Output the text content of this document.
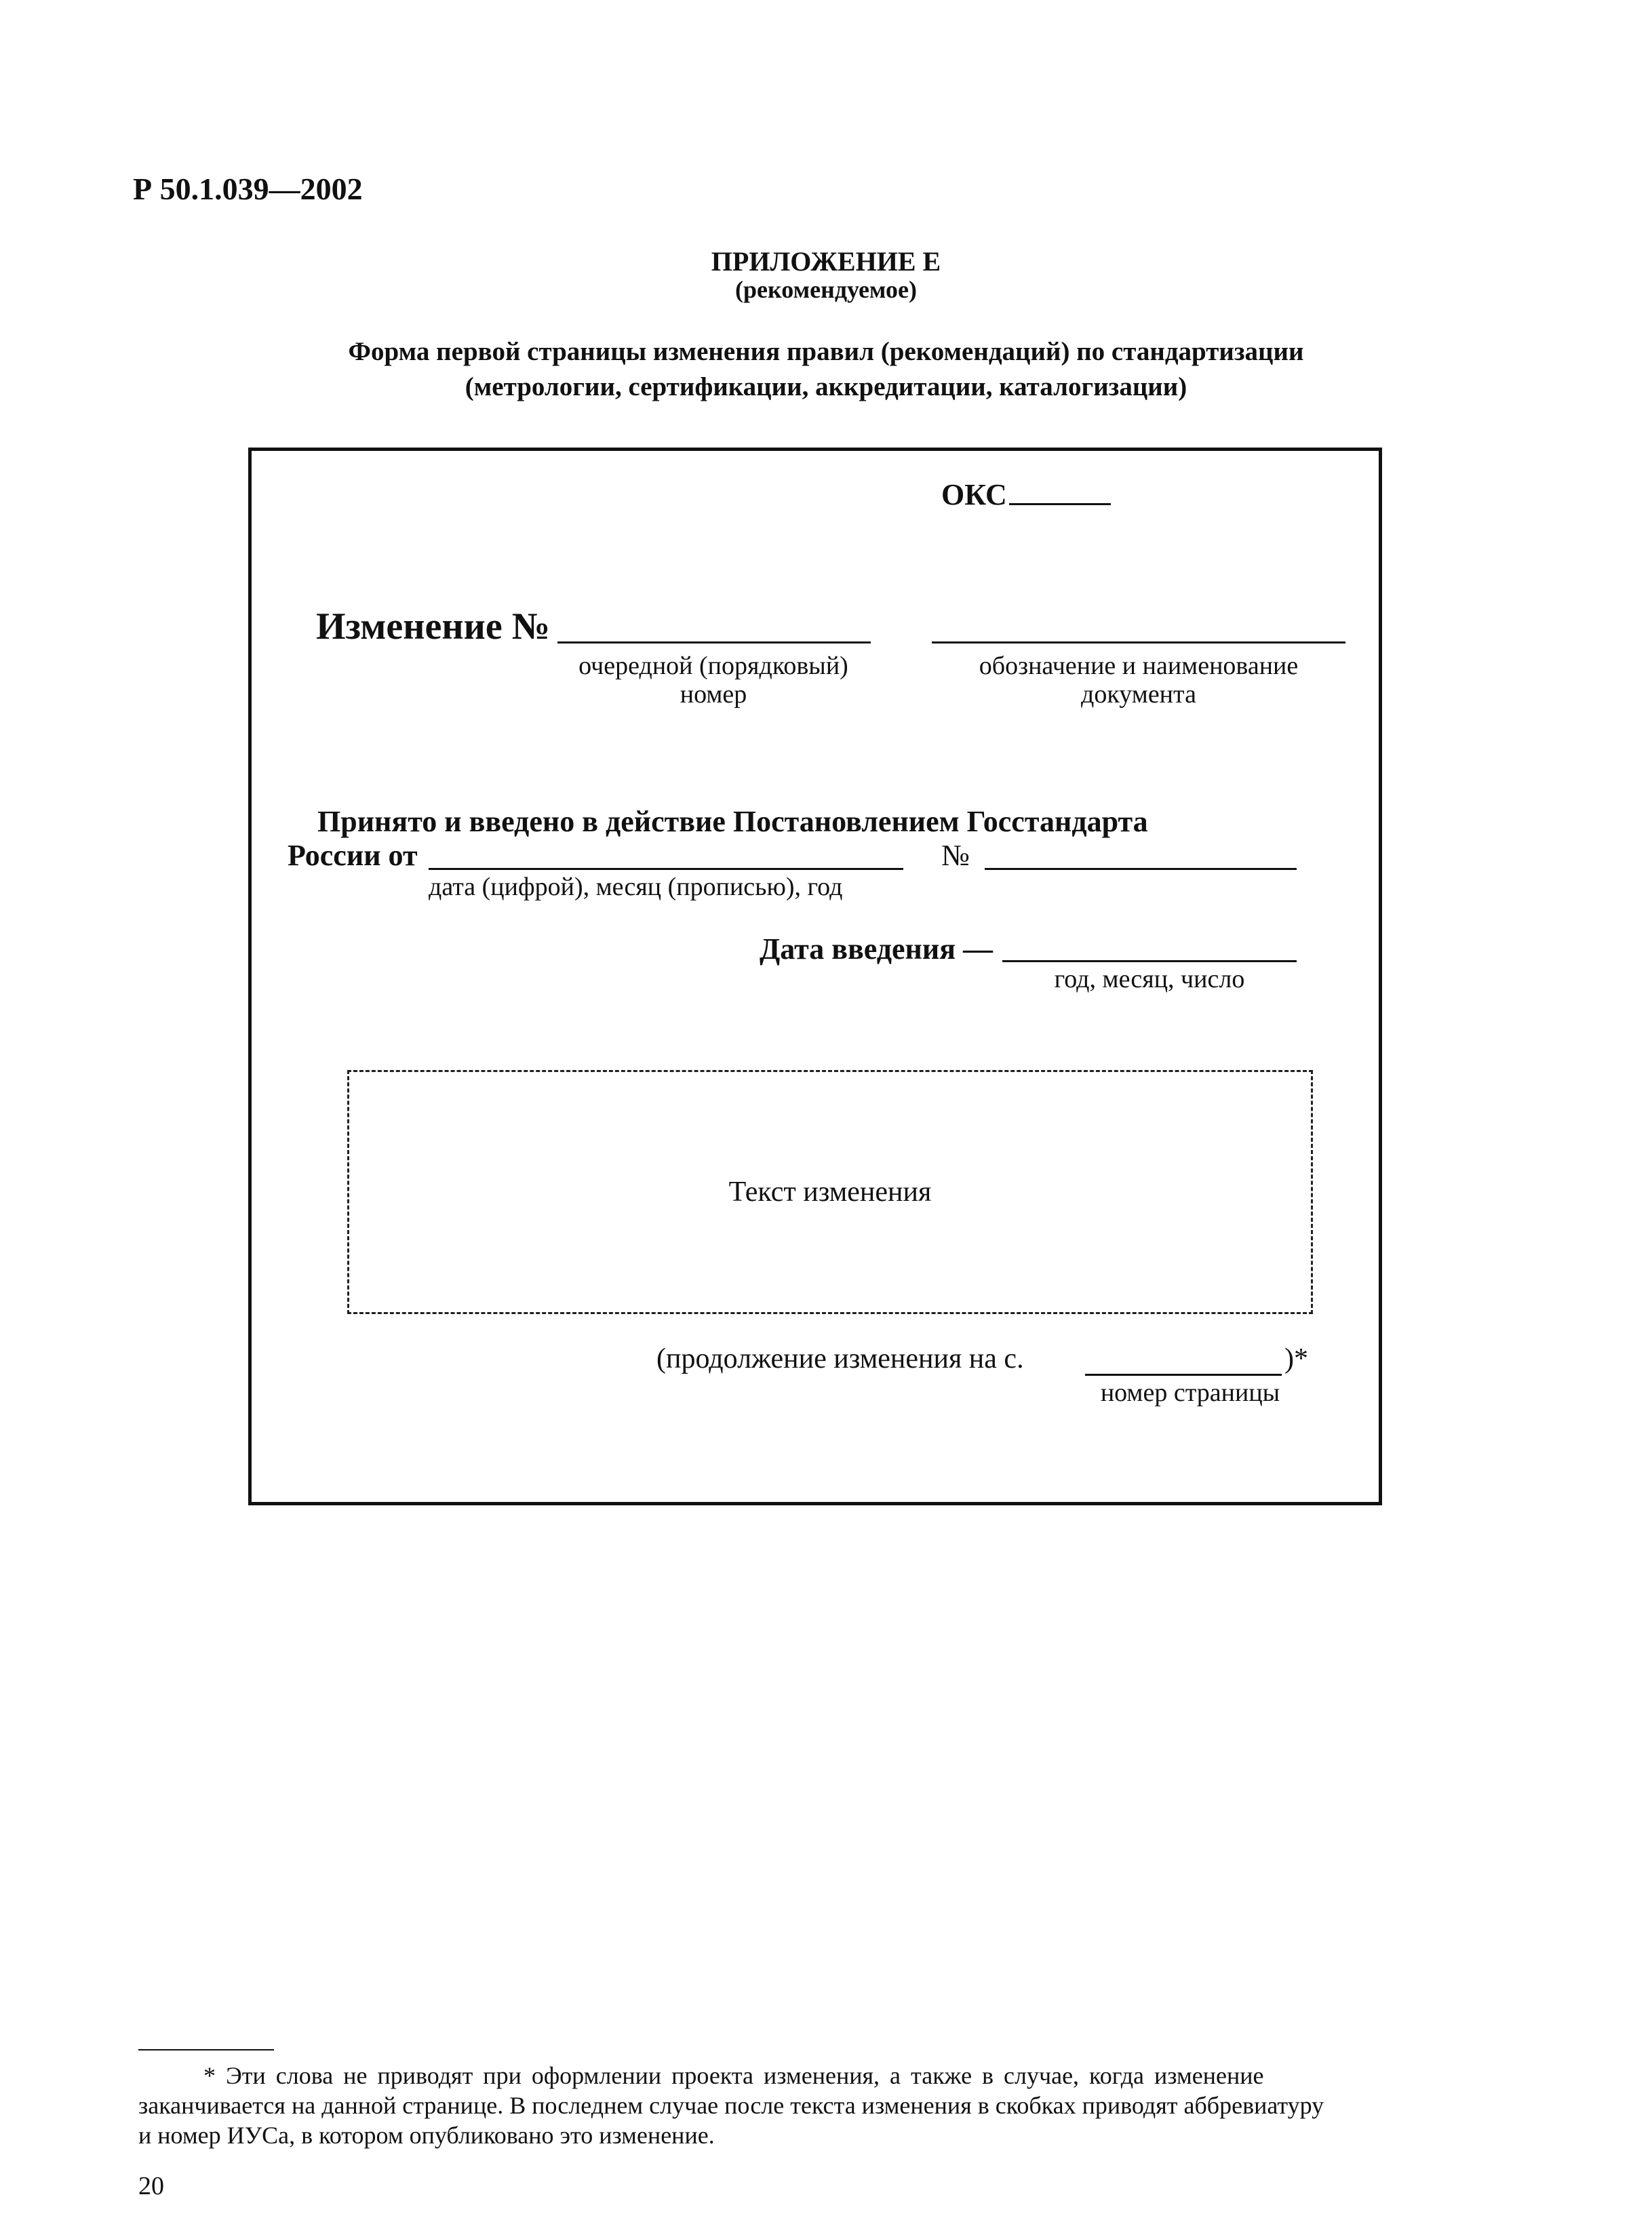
Р 50.1.039—2002
ПРИЛОЖЕНИЕ Е
(рекомендуемое)
Форма первой страницы изменения правил (рекомендаций) по стандартизации
(метрологии, сертификации, аккредитации, каталогизации)
ОКС
Изменение №
очередной (порядковый)
номер
обозначение и наименование
документа
Принято и введено в действие Постановлением Госстандарта
России от	№
дата (цифрой), месяц (прописью), год
Дата введения —
год, месяц, число
Текст изменения
(продолжение изменения на с.	)*
номер страницы
* Эти слова не приводят при оформлении проекта изменения, а также в случае, когда изменение
заканчивается на данной странице. В последнем случае после текста изменения в скобках приводят аббревиатуру
и номер ИУСа, в котором опубликовано это изменение.
20
